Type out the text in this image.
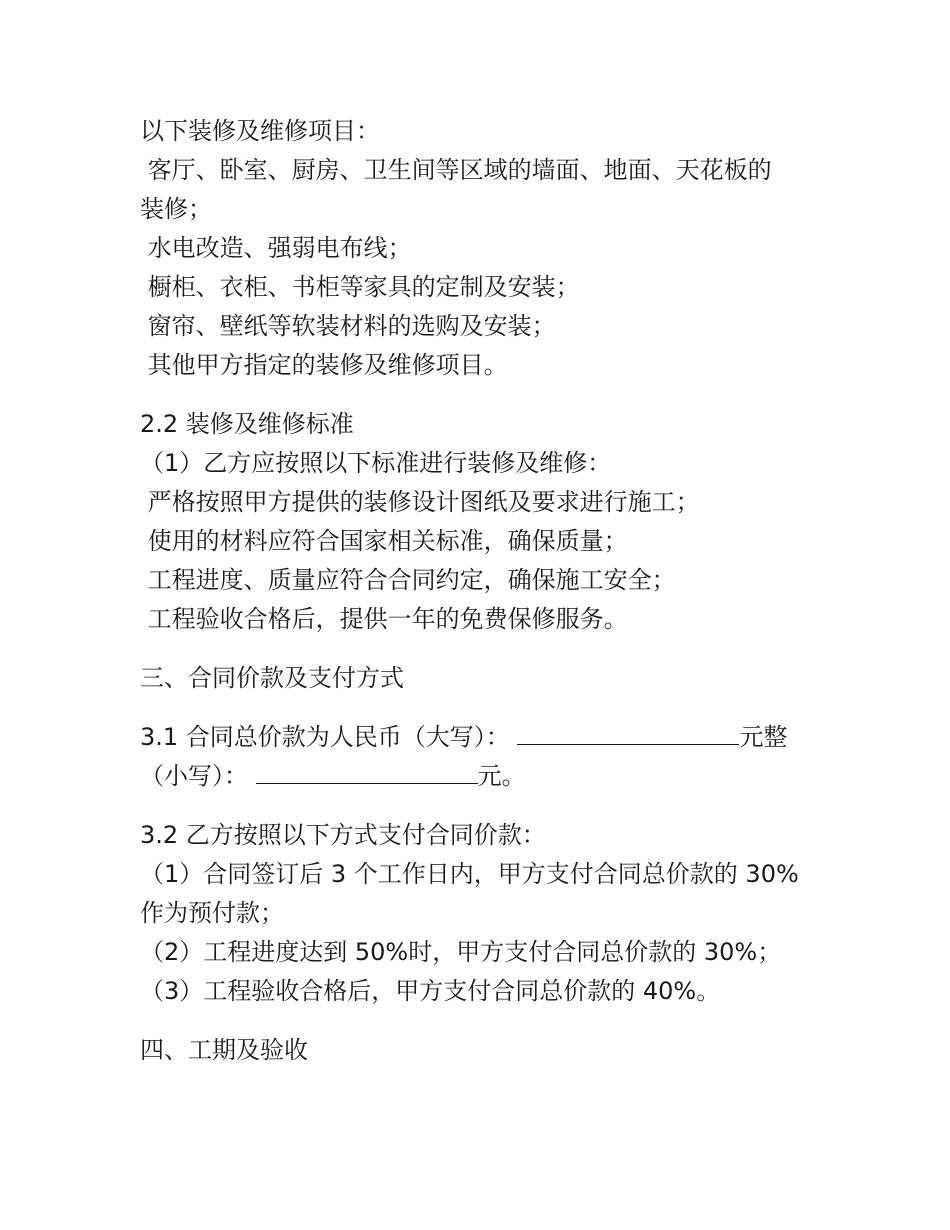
以下装修及维修项目：

客厅、卧室、厨房、卫生间等区域的墙面、地面、天花板的

装修；

水电改造、强弱电布线；

橱柜、衣柜、书柜等家具的定制及安装；

窗帘、壁纸等软装材料的选购及安装；

其他甲方指定的装修及维修项目。

2.2 装修及维修标准

（1）乙方应按照以下标准进行装修及维修：

严格按照甲方提供的装修设计图纸及要求进行施工；

使用的材料应符合国家相关标准，确保质量；

工程进度、质量应符合合同约定，确保施工安全；

工程验收合格后，提供一年的免费保修服务。

三、合同价款及支付方式

3.1 合同总价款为人民币（大写）：	元整

（小写）：	元。

3.2 乙方按照以下方式支付合同价款：

（1）合同签订后 3 个工作日内，甲方支付合同总价款的 30%

作为预付款；

（2）工程进度达到 50%时，甲方支付合同总价款的 30%；

（3）工程验收合格后，甲方支付合同总价款的 40%。

四、工期及验收
